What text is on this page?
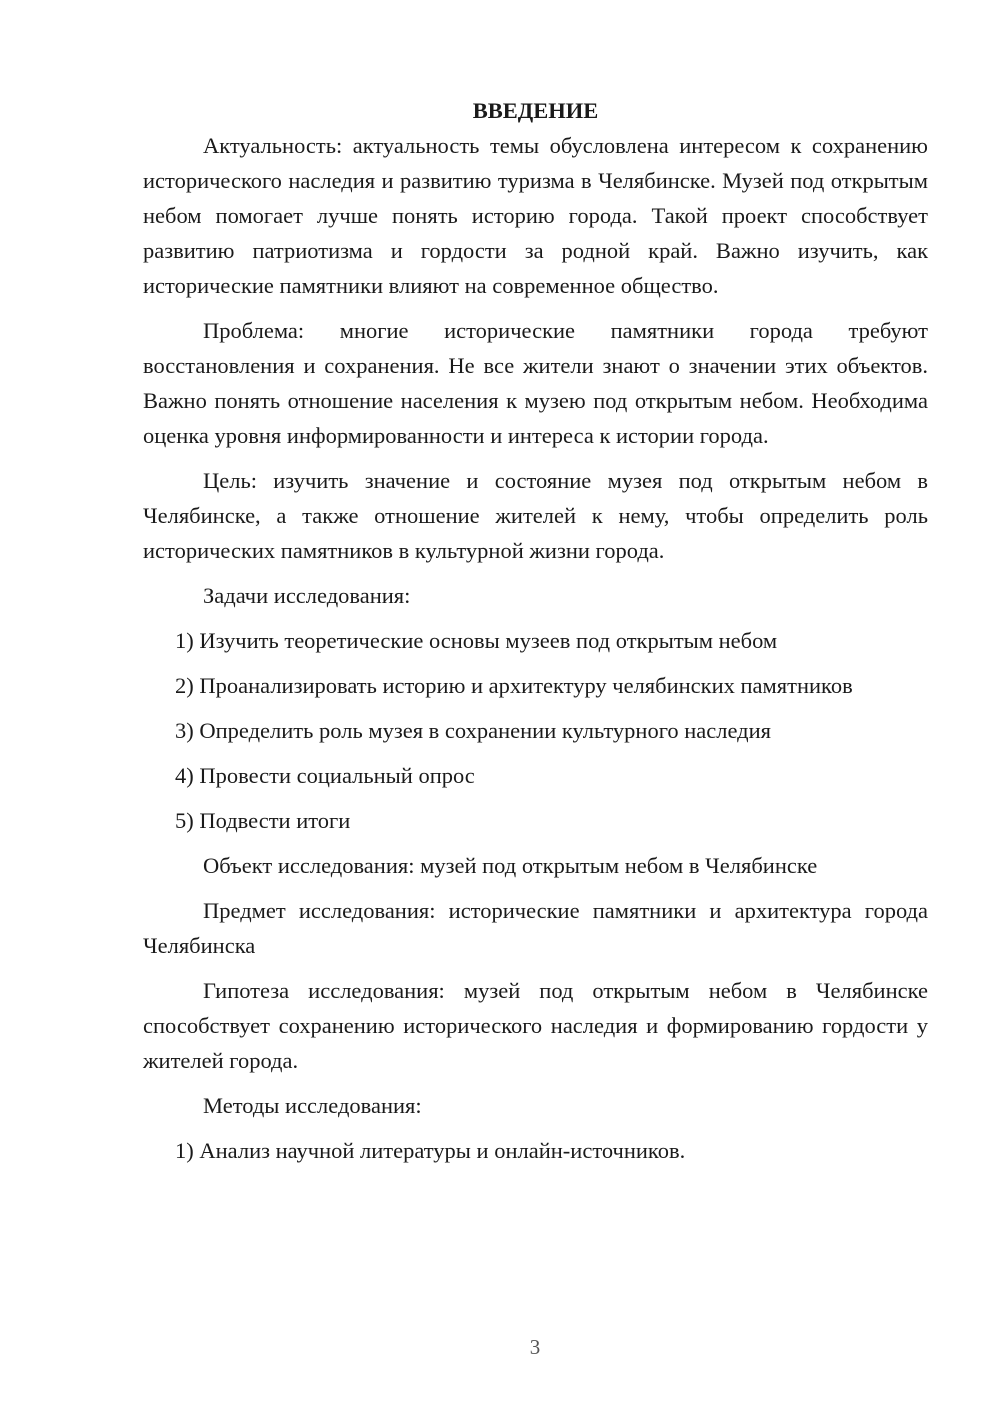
ВВЕДЕНИЕ

Актуальность: актуальность темы обусловлена интересом к сохранению исторического наследия и развитию туризма в Челябинске. Музей под открытым небом помогает лучше понять историю города. Такой проект способствует развитию патриотизма и гордости за родной край. Важно изучить, как исторические памятники влияют на современное общество.

Проблема: многие исторические памятники города требуют восстановления и сохранения. Не все жители знают о значении этих объектов. Важно понять отношение населения к музею под открытым небом. Необходима оценка уровня информированности и интереса к истории города.

Цель: изучить значение и состояние музея под открытым небом в Челябинске, а также отношение жителей к нему, чтобы определить роль исторических памятников в культурной жизни города.

Задачи исследования:

1) Изучить теоретические основы музеев под открытым небом

2) Проанализировать историю и архитектуру челябинских памятников

3) Определить роль музея в сохранении культурного наследия

4) Провести социальный опрос

5) Подвести итоги

Объект исследования: музей под открытым небом в Челябинске

Предмет исследования: исторические памятники и архитектура города Челябинска

Гипотеза исследования: музей под открытым небом в Челябинске способствует сохранению исторического наследия и формированию гордости у жителей города.

Методы исследования:

1) Анализ научной литературы и онлайн-источников.

3
